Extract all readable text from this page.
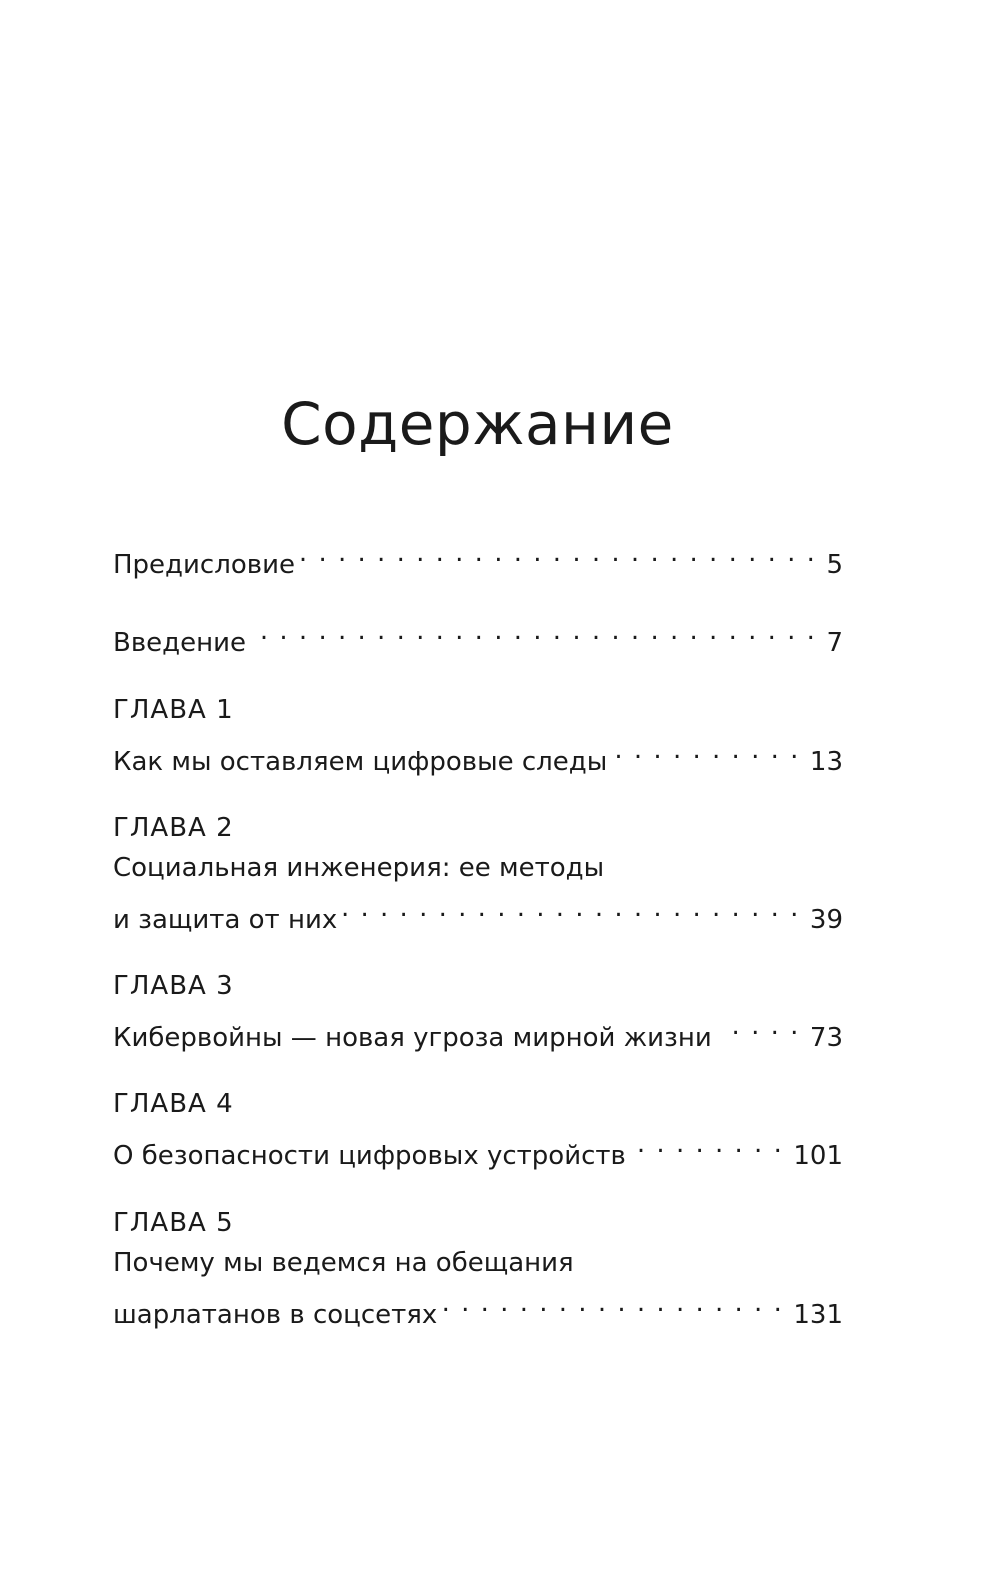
Содержание
Предисловие . . .	5
Введение . . .	7
ГЛАВА 1
Как мы оставляем цифровые следы . . .	13
ГЛАВА 2
Социальная инженерия: ее методы
и защита от них . . .	39
ГЛАВА 3
Кибервойны — новая угроза мирной жизни . . .	73
ГЛАВА 4
О безопасности цифровых устройств . . .	101
ГЛАВА 5
Почему мы ведемся на обещания
шарлатанов в соцсетях . . .	131
